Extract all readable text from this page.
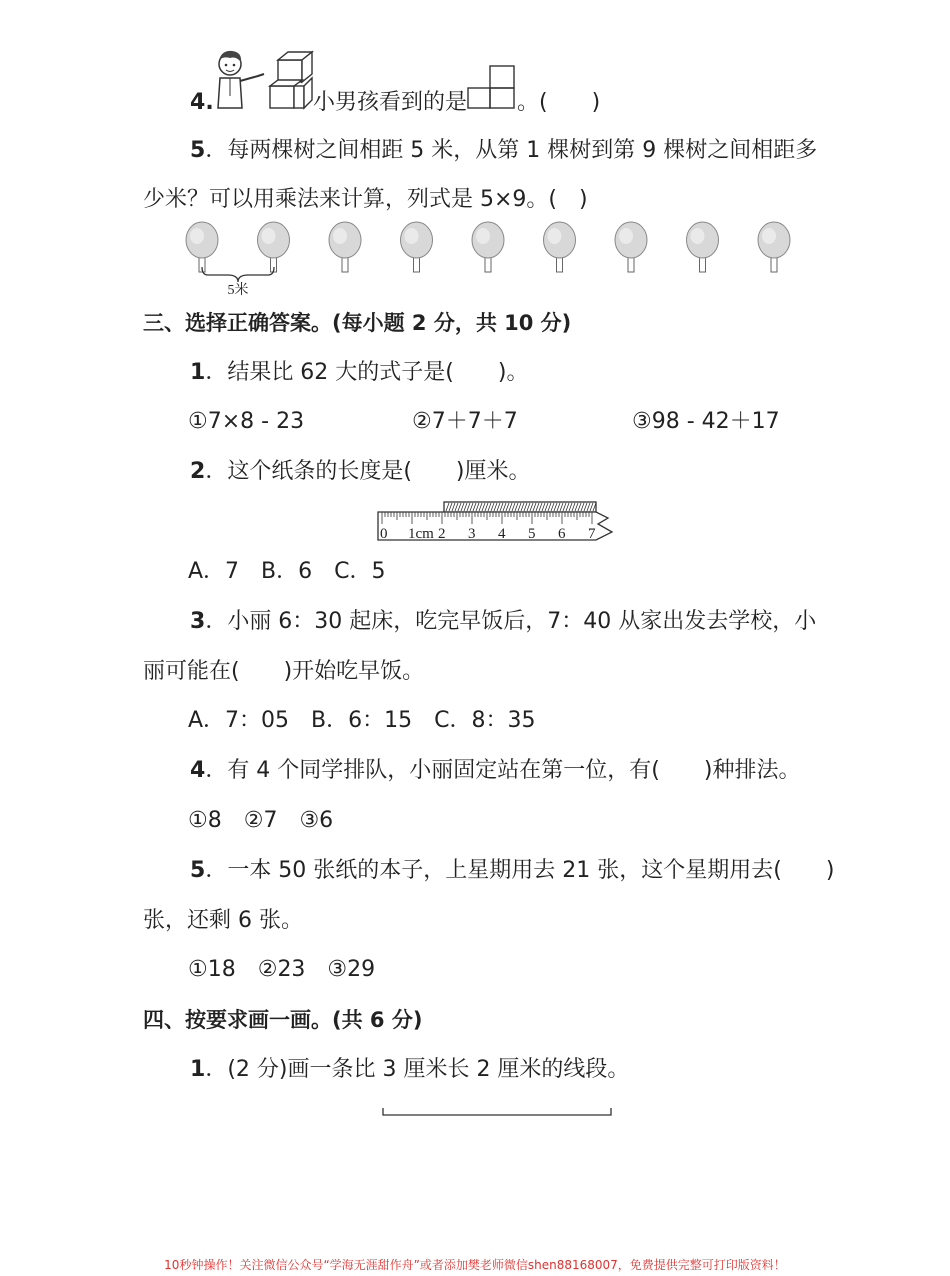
4.	小男孩看到的是 。(　　)
5．每两棵树之间相距 5 米，从第 1 棵树到第 9 棵树之间相距多
少米？可以用乘法来计算，列式是 5×9。(　)
5米
三、选择正确答案。(每小题 2 分，共 10 分)
1．结果比 62 大的式子是(　　)。
①7×8 - 23	②7＋7＋7	③98 - 42＋17
2．这个纸条的长度是(　　)厘米。
0 1cm 2 3 4 5 6 7
A．7　B．6　C．5
3．小丽 6：30 起床，吃完早饭后，7：40 从家出发去学校，小
丽可能在(　　)开始吃早饭。
A．7：05　B．6：15　C．8：35
4．有 4 个同学排队，小丽固定站在第一位，有(　　)种排法。
①8　②7　③6
5．一本 50 张纸的本子，上星期用去 21 张，这个星期用去(　　)
张，还剩 6 张。
①18　②23　③29
四、按要求画一画。(共 6 分)
1．(2 分)画一条比 3 厘米长 2 厘米的线段。
10秒钟操作！关注微信公众号“学海无涯甜作舟”或者添加樊老师微信shen88168007，免费提供完整可打印版资料！
